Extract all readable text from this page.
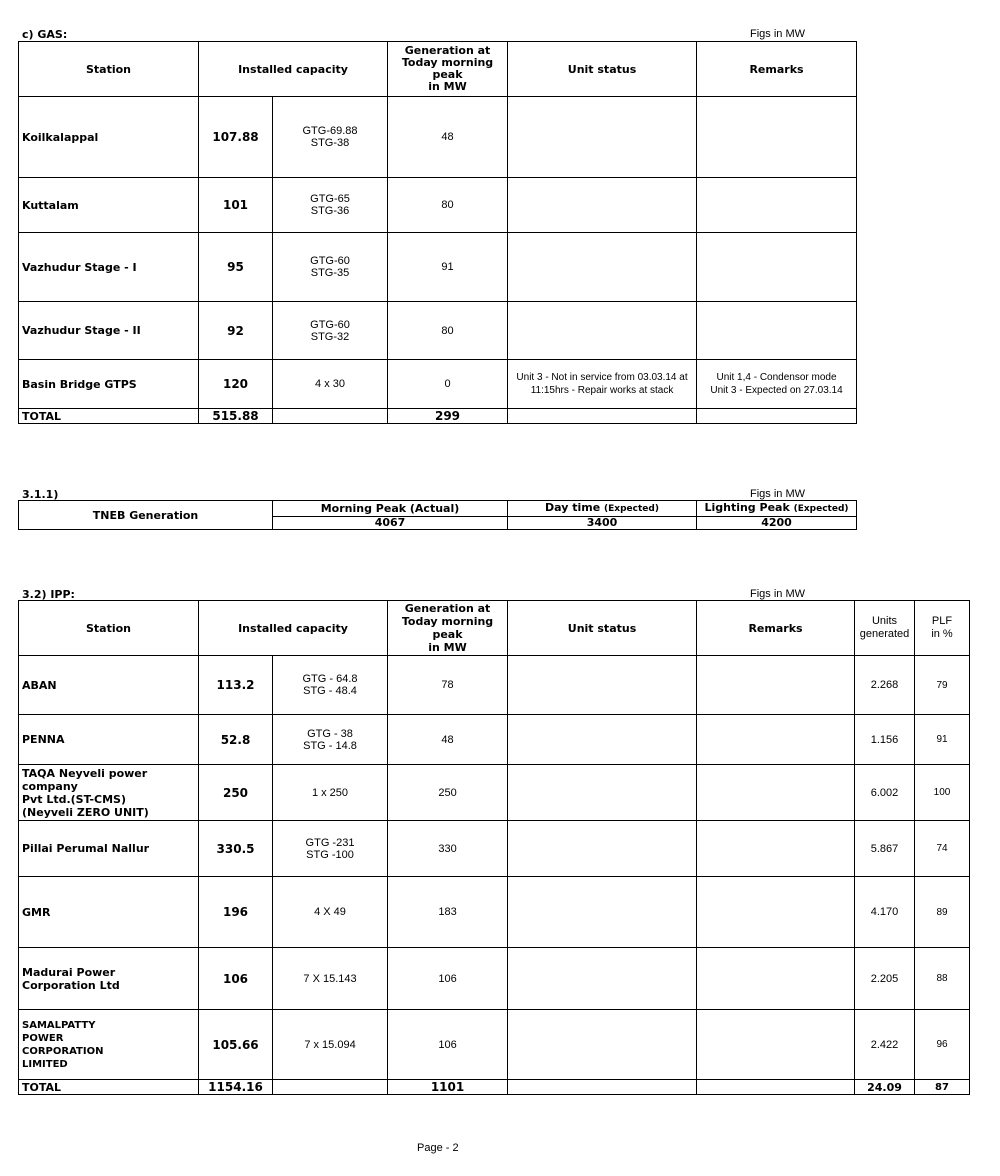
c) GAS:	Figs in MW
Station	Installed capacity		Generation at
Today morning
peak
in MW	Unit status	Remarks
Koilkalappal	107.88	GTG-69.88
STG-38	48		
Kuttalam	101	GTG-65
STG-36	80		
Vazhudur Stage - I	95	GTG-60
STG-35	91		
Vazhudur Stage - II	92	GTG-60
STG-32	80		
Basin Bridge GTPS	120	4 x 30	0	Unit 3 - Not in service from 03.03.14 at
11:15hrs - Repair works at stack	Unit 1,4 - Condensor mode
Unit 3 - Expected on 27.03.14
TOTAL	515.88		299		
3.1.1)	Figs in MW
TNEB Generation	Morning Peak (Actual)	Day time (Expected)	Lighting Peak (Expected)
	4067	3400	4200
3.2) IPP:	Figs in MW
Station	Installed capacity		Generation at
Today morning peak
in MW	Unit status	Remarks	Units
generated	PLF
in %
ABAN	113.2	GTG - 64.8
STG - 48.4	78			2.268	79
PENNA	52.8	GTG - 38
STG - 14.8	48			1.156	91
TAQA Neyveli power company
Pvt Ltd.(ST-CMS)
(Neyveli ZERO UNIT)	250	1 x 250	250			6.002	100
Pillai Perumal Nallur	330.5	GTG -231
STG -100	330			5.867	74
GMR	196	4 X 49	183			4.170	89
Madurai Power
Corporation Ltd	106	7 X 15.143	106			2.205	88
SAMALPATTY
POWER
CORPORATION
LIMITED	105.66	7 x 15.094	106			2.422	96
TOTAL	1154.16		1101			24.09	87
Page - 2
